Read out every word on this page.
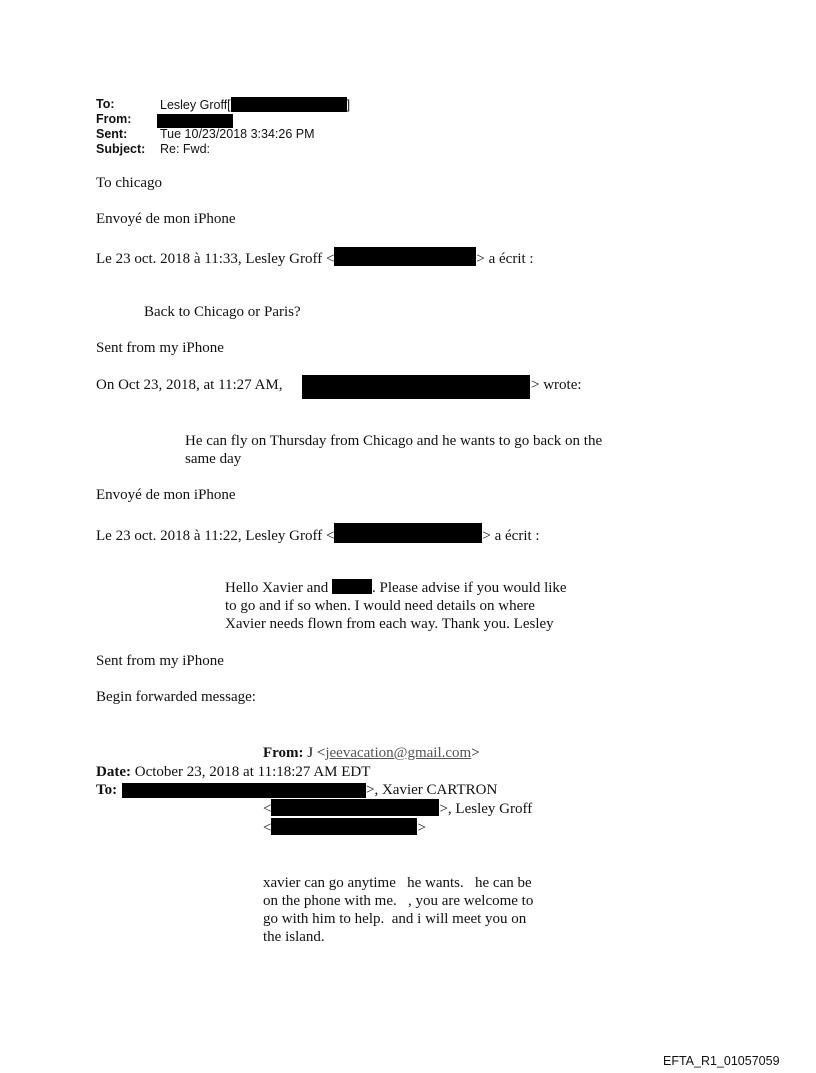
To:	Lesley Groff[	]
From:
Sent:	Tue 10/23/2018 3:34:26 PM
Subject: Re: Fwd:
To chicago
Envoyé de mon iPhone
Le 23 oct. 2018 à 11:33, Lesley Groff <	> a écrit :
Back to Chicago or Paris?
Sent from my iPhone
On Oct 23, 2018, at 11:27 AM,	> wrote:
He can fly on Thursday from Chicago and he wants to go back on the
same day
Envoyé de mon iPhone
Le 23 oct. 2018 à 11:22, Lesley Groff <	> a écrit :
Hello Xavier and	. Please advise if you would like
to go and if so when. I would need details on where
Xavier needs flown from each way. Thank you. Lesley
Sent from my iPhone
Begin forwarded message:
From: J <jeevacation@gmail.com>
Date: October 23, 2018 at 11:18:27 AM EDT
To:	>, Xavier CARTRON
<	>, Lesley Groff
<	>
xavier can go anytime   he wants.   he can be
on the phone with me.   , you are welcome to
go with him to help.  and i will meet you on
the island.
EFTA_R1_01057059
